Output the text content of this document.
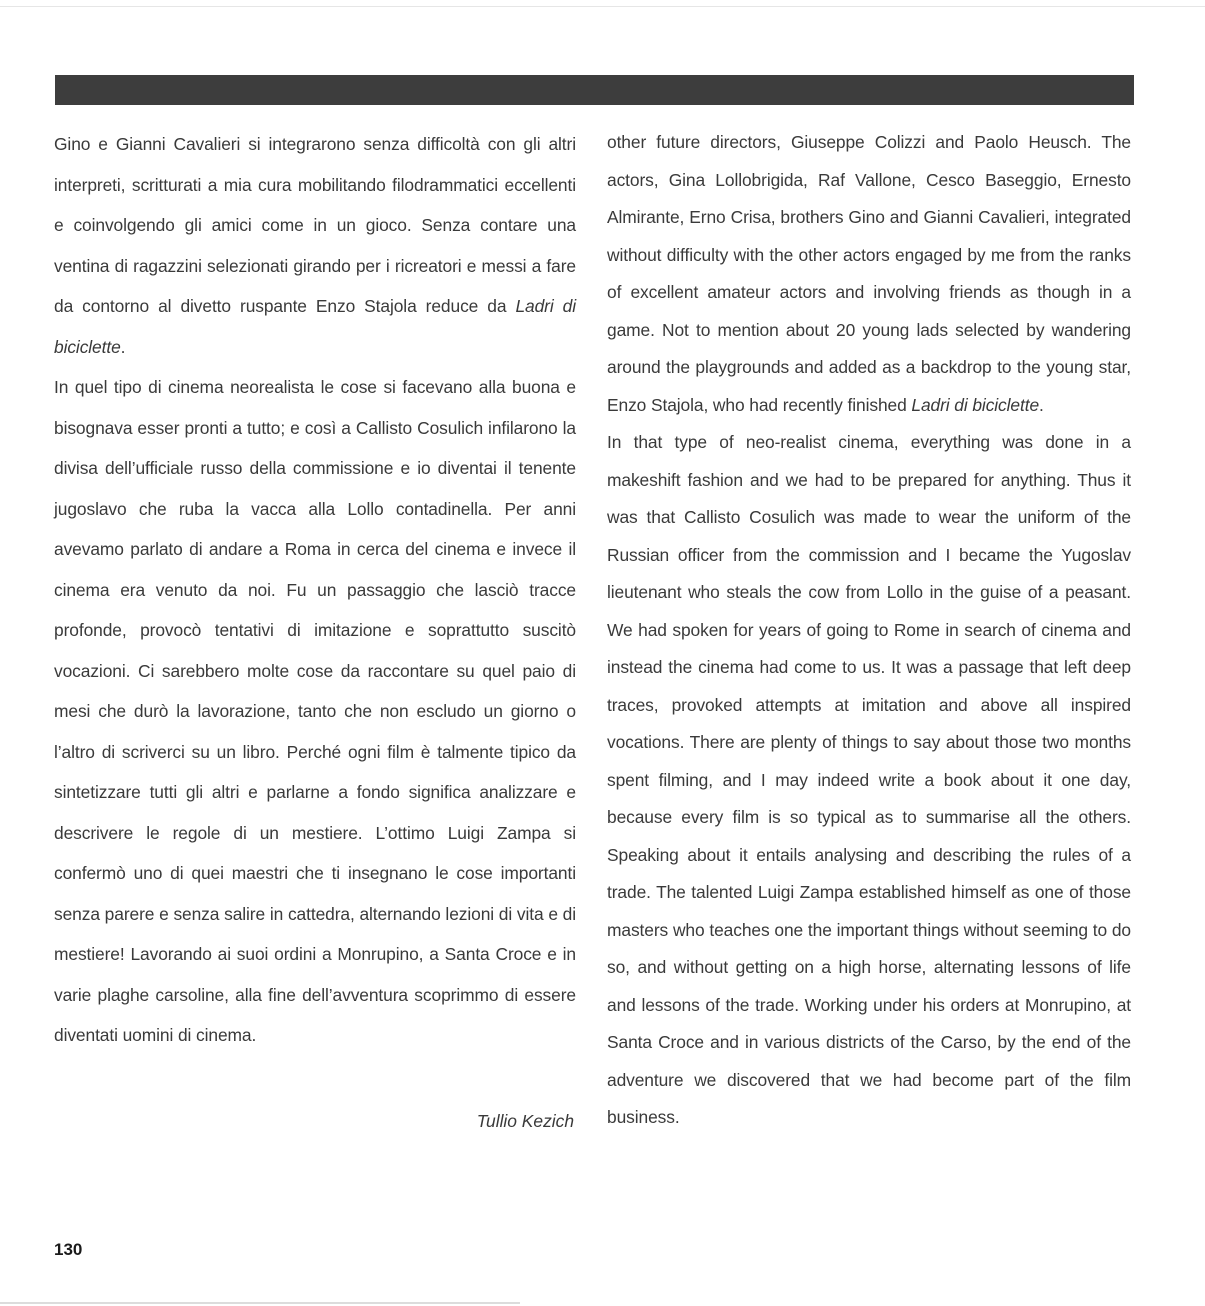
Gino e Gianni Cavalieri si integrarono senza difficoltà con gli altri interpreti, scritturati a mia cura mobilitando filodrammatici eccellenti e coinvolgendo gli amici come in un gioco. Senza contare una ventina di ragazzini selezionati girando per i ricreatori e messi a fare da contorno al divetto ruspante Enzo Stajola reduce da Ladri di biciclette.

In quel tipo di cinema neorealista le cose si facevano alla buona e bisognava esser pronti a tutto; e così a Callisto Cosulich infilarono la divisa dell’ufficiale russo della commissione e io diventai il tenente jugoslavo che ruba la vacca alla Lollo contadinella. Per anni avevamo parlato di andare a Roma in cerca del cinema e invece il cinema era venuto da noi. Fu un passaggio che lasciò tracce profonde, provocò tentativi di imitazione e soprattutto suscitò vocazioni. Ci sarebbero molte cose da raccontare su quel paio di mesi che durò la lavorazione, tanto che non escludo un giorno o l’altro di scriverci su un libro. Perché ogni film è talmente tipico da sintetizzare tutti gli altri e parlarne a fondo significa analizzare e descrivere le regole di un mestiere. L’ottimo Luigi Zampa si confermò uno di quei maestri che ti insegnano le cose importanti senza parere e senza salire in cattedra, alternando lezioni di vita e di mestiere! Lavorando ai suoi ordini a Monrupino, a Santa Croce e in varie plaghe carsoline, alla fine dell’avventura scoprimmo di essere diventati uomini di cinema.

Tullio Kezich

other future directors, Giuseppe Colizzi and Paolo Heusch. The actors, Gina Lollobrigida, Raf Vallone, Cesco Baseggio, Ernesto Almirante, Erno Crisa, brothers Gino and Gianni Cavalieri, integrated without difficulty with the other actors engaged by me from the ranks of excellent amateur actors and involving friends as though in a game. Not to mention about 20 young lads selected by wandering around the playgrounds and added as a backdrop to the young star, Enzo Stajola, who had recently finished Ladri di biciclette.

In that type of neo-realist cinema, everything was done in a makeshift fashion and we had to be prepared for anything. Thus it was that Callisto Cosulich was made to wear the uniform of the Russian officer from the commission and I became the Yugoslav lieutenant who steals the cow from Lollo in the guise of a peasant. We had spoken for years of going to Rome in search of cinema and instead the cinema had come to us. It was a passage that left deep traces, provoked attempts at imitation and above all inspired vocations. There are plenty of things to say about those two months spent filming, and I may indeed write a book about it one day, because every film is so typical as to summarise all the others. Speaking about it entails analysing and describing the rules of a trade. The talented Luigi Zampa established himself as one of those masters who teaches one the important things without seeming to do so, and without getting on a high horse, alternating lessons of life and lessons of the trade. Working under his orders at Monrupino, at Santa Croce and in various districts of the Carso, by the end of the adventure we discovered that we had become part of the film business.

130
